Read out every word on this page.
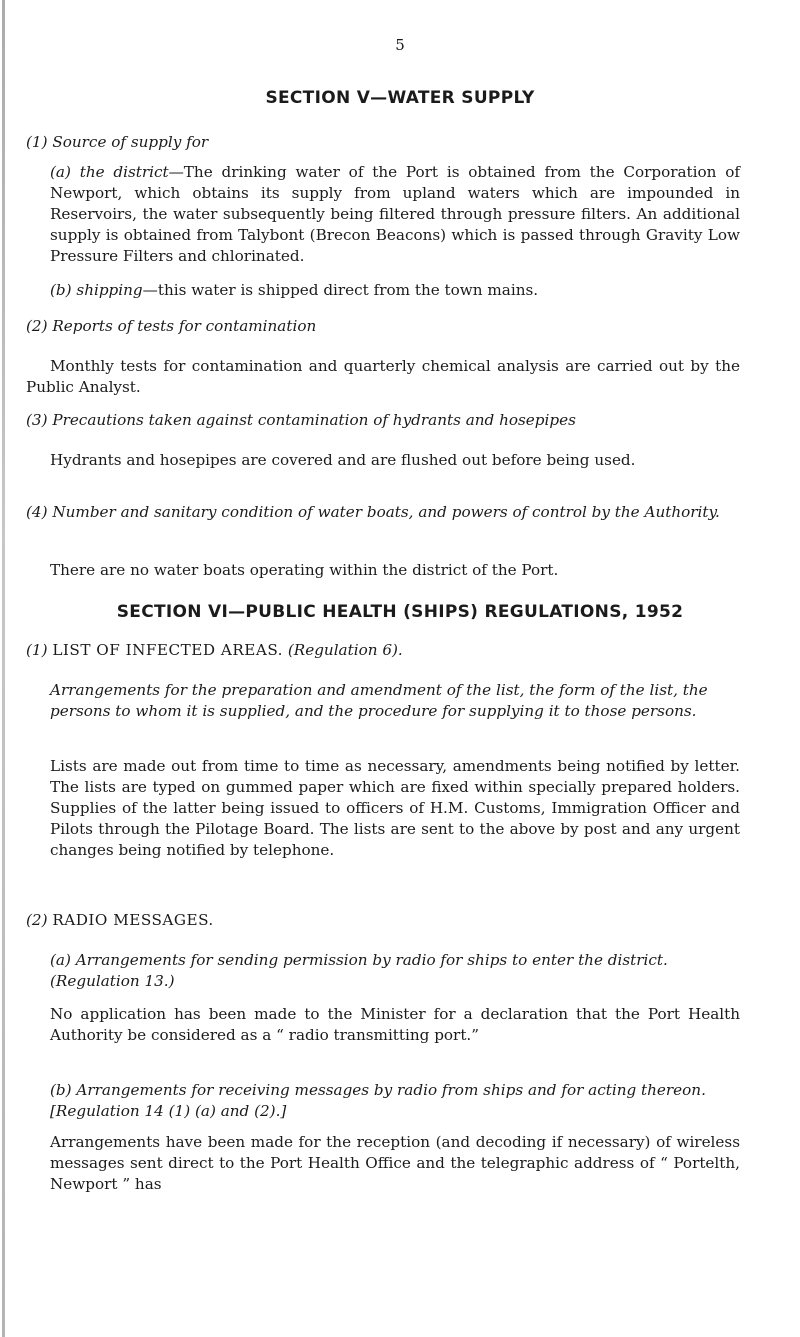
5
SECTION V—WATER SUPPLY
(1) Source of supply for
(a) the district—The drinking water of the Port is obtained from the Corporation of Newport, which obtains its supply from upland waters which are impounded in Reservoirs, the water subsequently being filtered through pressure filters. An additional supply is obtained from Talybont (Brecon Beacons) which is passed through Gravity Low Pressure Filters and chlorinated.
(b) shipping—this water is shipped direct from the town mains.
(2) Reports of tests for contamination
Monthly tests for contamination and quarterly chemical analysis are carried out by the Public Analyst.
(3) Precautions taken against contamination of hydrants and hosepipes
Hydrants and hosepipes are covered and are flushed out before being used.
(4) Number and sanitary condition of water boats, and powers of control by the Authority.
There are no water boats operating within the district of the Port.
SECTION VI—PUBLIC HEALTH (SHIPS) REGULATIONS, 1952
(1) LIST OF INFECTED AREAS. (Regulation 6).
Arrangements for the preparation and amendment of the list, the form of the list, the persons to whom it is supplied, and the procedure for supplying it to those persons.
Lists are made out from time to time as necessary, amendments being notified by letter. The lists are typed on gummed paper which are fixed within specially prepared holders. Supplies of the latter being issued to officers of H.M. Customs, Immigration Officer and Pilots through the Pilotage Board. The lists are sent to the above by post and any urgent changes being notified by telephone.
(2) RADIO MESSAGES.
(a) Arrangements for sending permission by radio for ships to enter the district. (Regulation 13.)
No application has been made to the Minister for a declaration that the Port Health Authority be considered as a “ radio transmitting port.”
(b) Arrangements for receiving messages by radio from ships and for acting thereon. [Regulation 14 (1) (a) and (2).]
Arrangements have been made for the reception (and decoding if necessary) of wireless messages sent direct to the Port Health Office and the telegraphic address of “ Portelth, Newport ” has
